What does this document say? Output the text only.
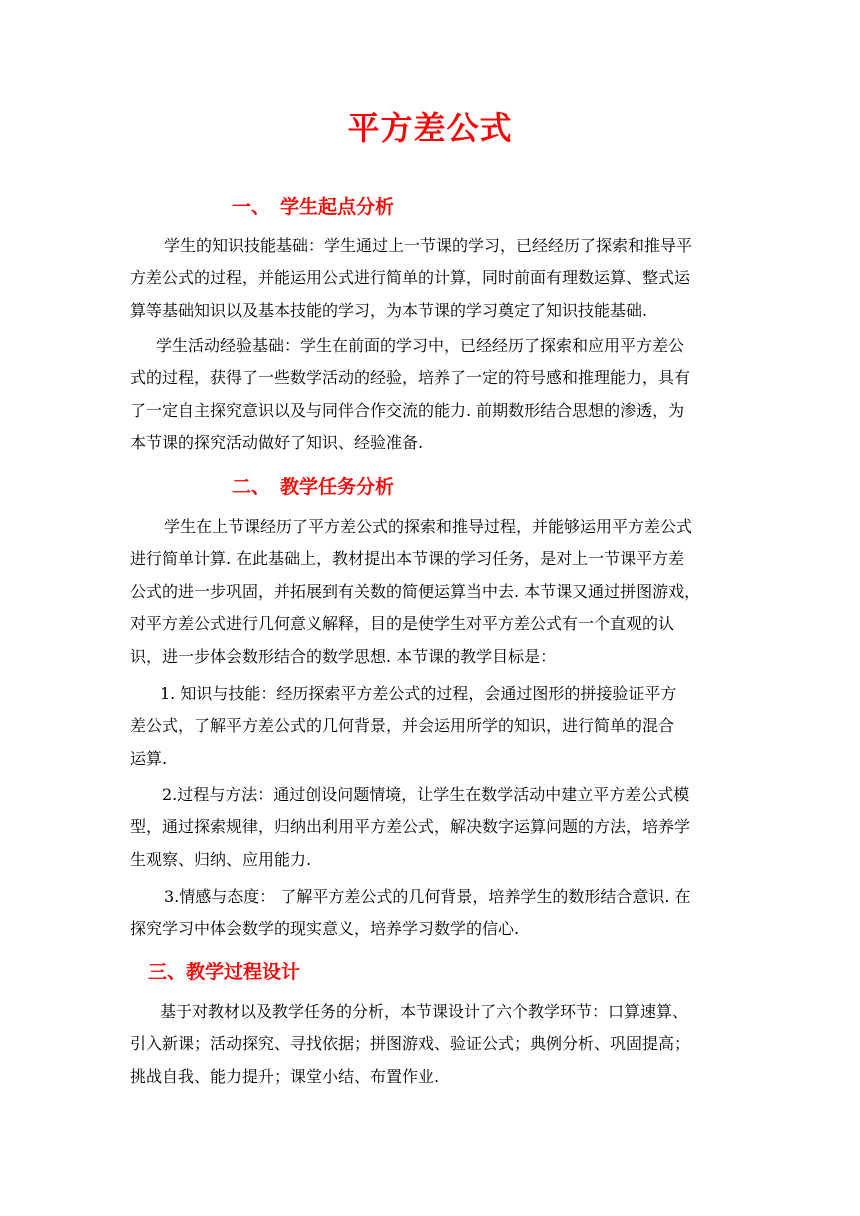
平方差公式
一、 学生起点分析
学生的知识技能基础：学生通过上一节课的学习，已经经历了探索和推导平
方差公式的过程，并能运用公式进行简单的计算，同时前面有理数运算、整式运
算等基础知识以及基本技能的学习，为本节课的学习奠定了知识技能基础.
学生活动经验基础：学生在前面的学习中，已经经历了探索和应用平方差公
式的过程，获得了一些数学活动的经验，培养了一定的符号感和推理能力，具有
了一定自主探究意识以及与同伴合作交流的能力. 前期数形结合思想的渗透，为
本节课的探究活动做好了知识、经验准备.
二、 教学任务分析
学生在上节课经历了平方差公式的探索和推导过程，并能够运用平方差公式
进行简单计算. 在此基础上，教材提出本节课的学习任务，是对上一节课平方差
公式的进一步巩固，并拓展到有关数的简便运算当中去. 本节课又通过拼图游戏，
对平方差公式进行几何意义解释，目的是使学生对平方差公式有一个直观的认
识，进一步体会数形结合的数学思想. 本节课的教学目标是：
1. 知识与技能：经历探索平方差公式的过程，会通过图形的拼接验证平方
差公式，了解平方差公式的几何背景，并会运用所学的知识，进行简单的混合
运算.
2.过程与方法：通过创设问题情境，让学生在数学活动中建立平方差公式模
型，通过探索规律，归纳出利用平方差公式，解决数字运算问题的方法，培养学
生观察、归纳、应用能力.
3.情感与态度： 了解平方差公式的几何背景，培养学生的数形结合意识. 在
探究学习中体会数学的现实意义，培养学习数学的信心.
三、教学过程设计
基于对教材以及教学任务的分析，本节课设计了六个教学环节：口算速算、
引入新课；活动探究、寻找依据；拼图游戏、验证公式；典例分析、巩固提高；
挑战自我、能力提升；课堂小结、布置作业.
